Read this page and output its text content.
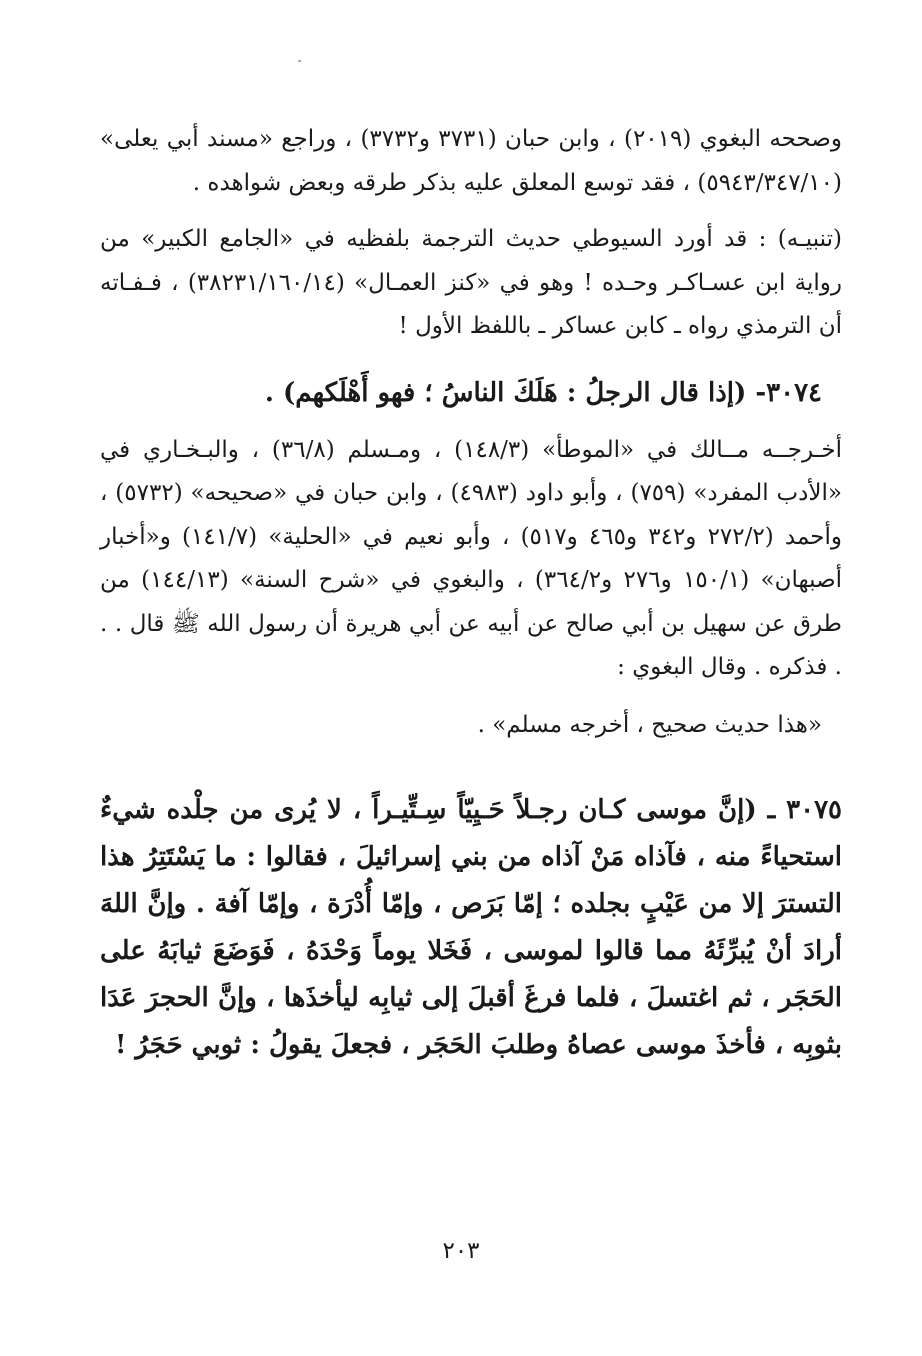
وصححه البغوي (٢٠١٩) ، وابن حبان (٣٧٣١ و٣٧٣٢) ، وراجع «مسند أبي يعلى» (٥٩٤٣/٣٤٧/١٠) ، فقد توسع المعلق عليه بذكر طرقه وبعض شواهده .

(تنبيـه) : قد أورد السيوطي حديث الترجمة بلفظيه في «الجامع الكبير» من رواية ابن عسـاكـر وحـده ! وهو في «كنز العمـال» (٣٨٢٣١/١٦٠/١٤) ، فـفـاته أن الترمذي رواه ـ كابن عساكر ـ باللفظ الأول !

٣٠٧٤- (إذا قال الرجلُ : هَلَكَ الناسُ ؛ فهو أَهْلَكهم) .

أخـرجــه مــالك في «الموطأ» (١٤٨/٣) ، ومـسلم (٣٦/٨) ، والبـخـاري في «الأدب المفرد» (٧٥٩) ، وأبو داود (٤٩٨٣) ، وابن حبان في «صحيحه» (٥٧٣٢) ، وأحمد (٢٧٢/٢ و٣٤٢ و٤٦٥ و٥١٧) ، وأبو نعيم في «الحلية» (١٤١/٧) و«أخبار أصبهان» (١٥٠/١ و٢٧٦ و٣٦٤/٢) ، والبغوي في «شرح السنة» (١٤٤/١٣) من طرق عن سهيل بن أبي صالح عن أبيه عن أبي هريرة أن رسول الله ﷺ قال . . . فذكره . وقال البغوي :

«هذا حديث صحيح ، أخرجه مسلم» .

٣٠٧٥ ـ (إنَّ موسى كـان رجـلاً حَـيِيّاً سِـتِّيـراً ، لا يُرى من جلْده شيءٌ استحياءً منه ، فآذاه مَنْ آذاه من بني إسرائيلَ ، فقالوا : ما يَسْتَتِرُ هذا التسترَ إلا من عَيْبٍ بجلده ؛ إمّا بَرَص ، وإمّا أُدْرَة ، وإمّا آفة . وإنَّ اللهَ أرادَ أنْ يُبرِّئَهُ مما قالوا لموسى ، فَخَلا يوماً وَحْدَهُ ، فَوَضَعَ ثيابَهُ على الحَجَر ، ثم اغتسلَ ، فلما فرغَ أقبلَ إلى ثيابِه ليأخذَها ، وإنَّ الحجرَ عَدَا بثوبِه ، فأخذَ موسى عصاهُ وطلبَ الحَجَر ، فجعلَ يقولُ : ثوبي حَجَرُ !

٢٠٣
